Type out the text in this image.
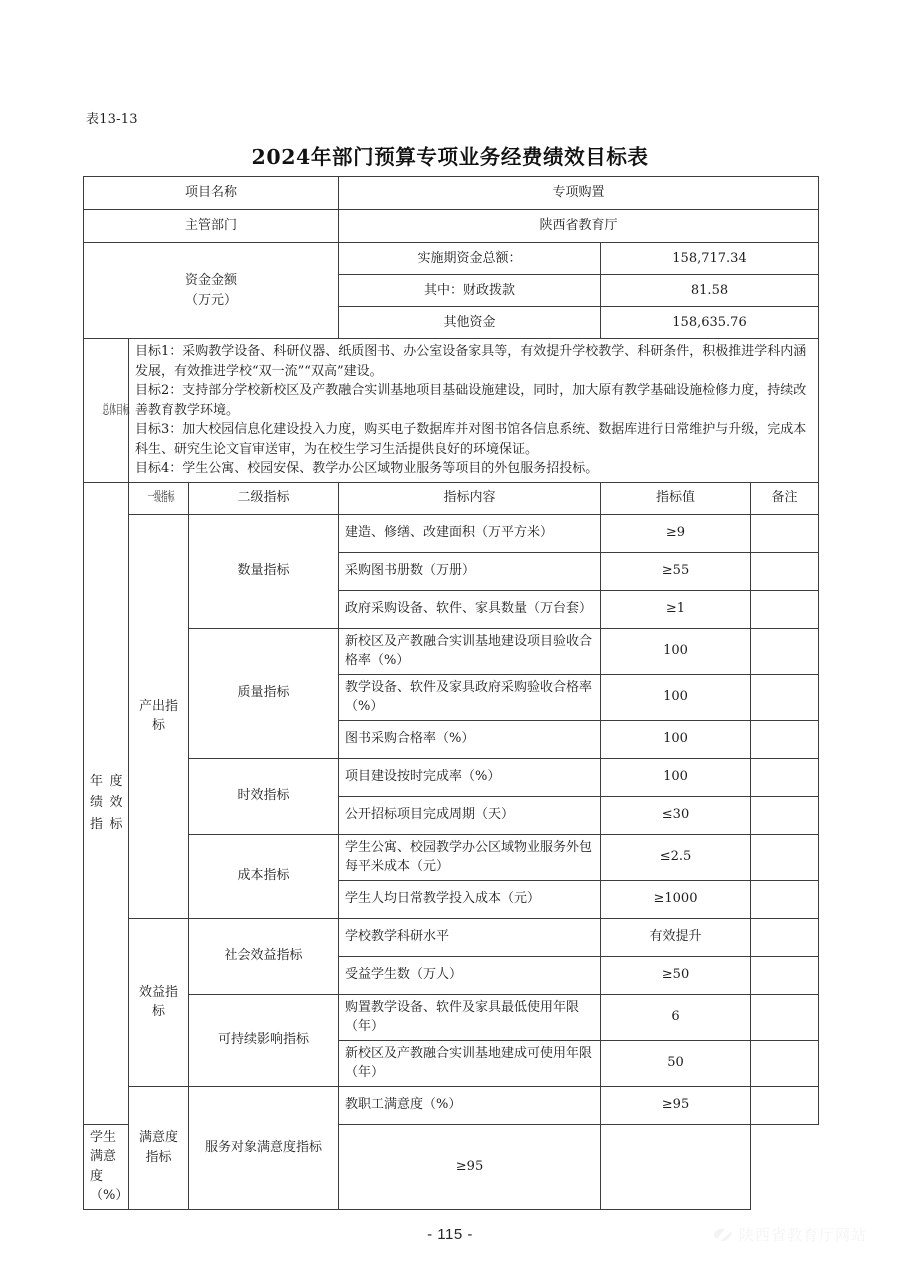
表13-13
2024年部门预算专项业务经费绩效目标表
项目名称			专项购置		
主管部门			陕西省教育厅		

资金金额
（万元）			实施期资金总额：	158,717.34	
			其中：财政拨款	81.58	
			其他资金	158,635.76	
总体目标	目标1：采购教学设备、科研仪器、纸质图书、办公室设备家具等，有效提升学校教学、科研条件，积极推进学科内涵发展，有效推进学校“双一流”“双高”建设。

目标2：支持部分学校新校区及产教融合实训基地项目基础设施建设，同时，加大原有教学基础设施检修力度，持续改善教育教学环境。

目标3：加大校园信息化建设投入力度，购买电子数据库并对图书馆各信息系统、数据库进行日常维护与升级，完成本科生、研究生论文盲审送审，为在校生学习生活提供良好的环境保证。

目标4：学生公寓、校园安保、教学办公区域物业服务等项目的外包服务招投标。				

年度绩效指标	一级指标	二级指标	指标内容	指标值	备注

	产出指标	数量指标	建造、修缮、改建面积（万平方米）	≥9	
			采购图书册数（万册）	≥55	
			政府采购设备、软件、家具数量（万台套）	≥1	
		质量指标	新校区及产教融合实训基地建设项目验收合格率（%）	100	
			教学设备、软件及家具政府采购验收合格率（%）	100	
			图书采购合格率（%）	100	
		时效指标	项目建设按时完成率（%）	100	
			公开招标项目完成周期（天）	≤30	
		成本指标	学生公寓、校园教学办公区域物业服务外包每平米成本（元）	≤2.5	
			学生人均日常教学投入成本（元）	≥1000	

	效益指标	社会效益指标	学校教学科研水平	有效提升	
			受益学生数（万人）	≥50	
		可持续影响指标	购置教学设备、软件及家具最低使用年限（年）	6	
			新校区及产教融合实训基地建成可使用年限（年）	50	

	满意度指标	服务对象满意度指标	教职工满意度（%）	≥95	
学生满意度（%）			≥95		
- 115 -	陕西省教育厅网站
